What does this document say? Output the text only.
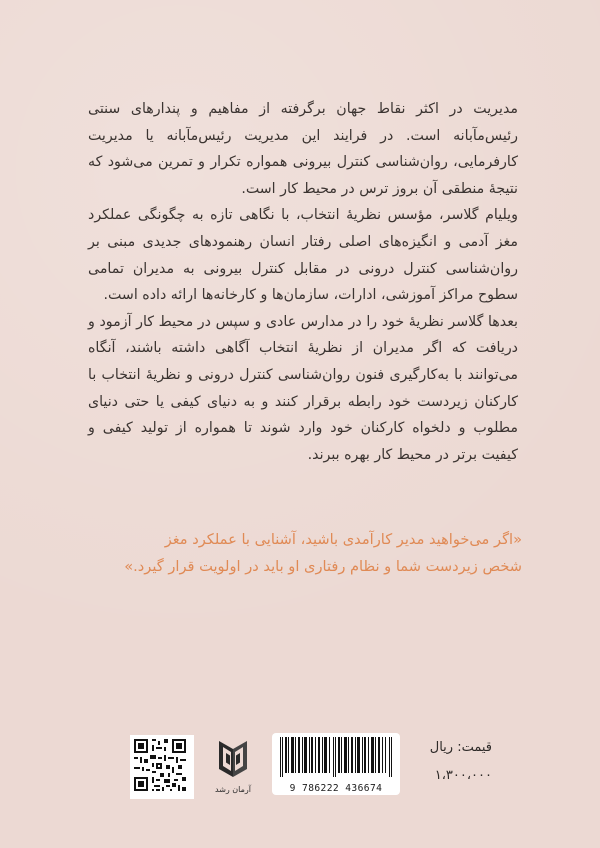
مدیریت در اکثر نقاط جهان برگرفته از مفاهیم و پندارهای سنتی رئیس‌مآبانه است. در فرایند این مدیریت رئیس‌مآبانه یا مدیریت کارفرمایی، روان‌شناسی کنترل بیرونی همواره تکرار و تمرین می‌شود که نتیجهٔ منطقی آن بروز ترس در محیط کار است.

ویلیام گلاسر، مؤسس نظریهٔ انتخاب، با نگاهی تازه به چگونگی عملکرد مغز آدمی و انگیزه‌های اصلی رفتار انسان رهنمودهای جدیدی مبنی بر روان‌شناسی کنترل درونی در مقابل کنترل بیرونی به مدیران تمامی سطوح مراکز آموزشی، ادارات، سازمان‌ها و کارخانه‌ها ارائه داده است.

بعدها گلاسر نظریهٔ خود را در مدارس عادی و سپس در محیط کار آزمود و دریافت که اگر مدیران از نظریهٔ انتخاب آگاهی داشته باشند، آنگاه می‌توانند با به‌کارگیری فنون روان‌شناسی کنترل درونی و نظریهٔ انتخاب با کارکنان زیردست خود رابطه برقرار کنند و به دنیای کیفی یا حتی دنیای مطلوب و دلخواه کارکنان خود وارد شوند تا همواره از تولید کیفی و کیفیت برتر در محیط کار بهره ببرند.

«اگر می‌خواهید مدیر کارآمدی باشید، آشنایی با عملکرد مغز

شخص زیردست شما و نظام رفتاری او باید در اولویت قرار گیرد.»

آرمان رشد	9 786222 436674
قیمت: ریال
۱،۳۰۰،۰۰۰
